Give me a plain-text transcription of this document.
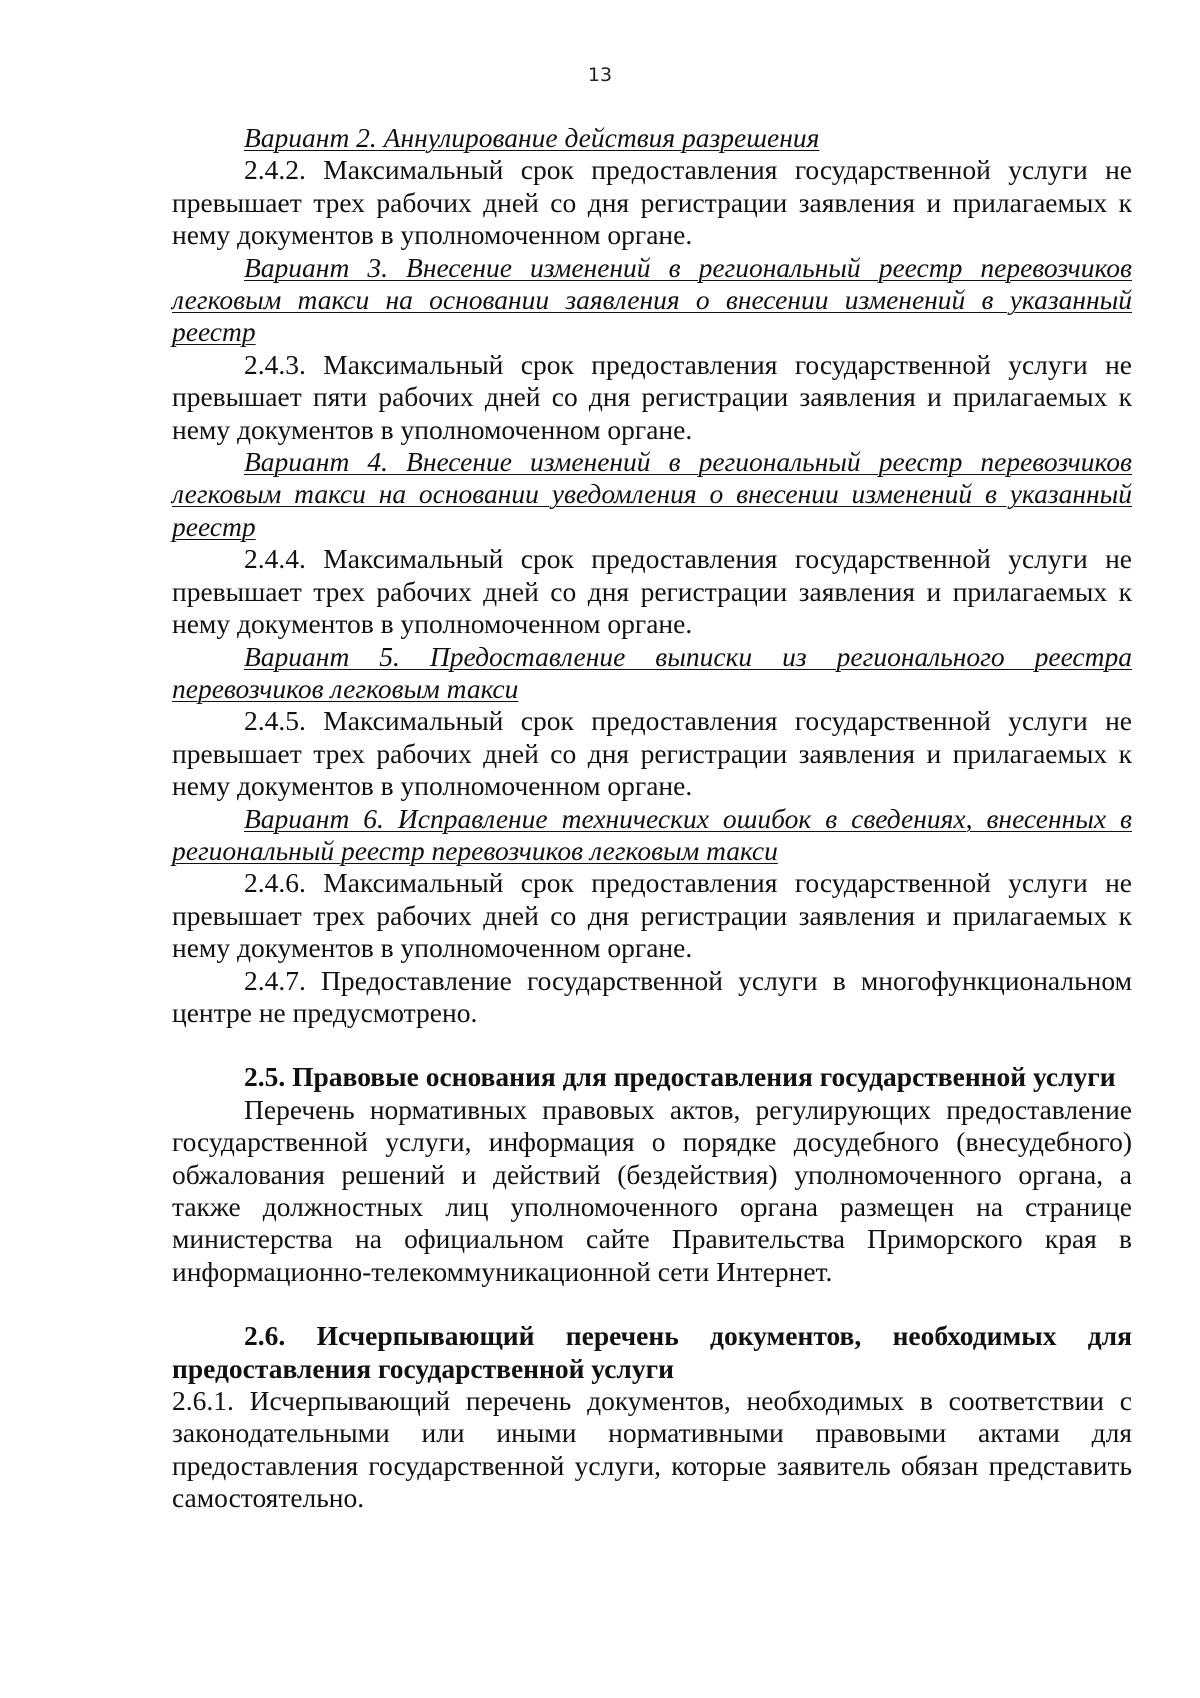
13

Вариант 2. Аннулирование действия разрешения

2.4.2. Максимальный срок предоставления государственной услуги не превышает трех рабочих дней со дня регистрации заявления и прилагаемых к нему документов в уполномоченном органе.

Вариант 3. Внесение изменений в региональный реестр перевозчиков легковым такси на основании заявления о внесении изменений в указанный реестр

2.4.3. Максимальный срок предоставления государственной услуги не превышает пяти рабочих дней со дня регистрации заявления и прилагаемых к нему документов в уполномоченном органе.

Вариант 4. Внесение изменений в региональный реестр перевозчиков легковым такси на основании уведомления о внесении изменений в указанный реестр

2.4.4. Максимальный срок предоставления государственной услуги не превышает трех рабочих дней со дня регистрации заявления и прилагаемых к нему документов в уполномоченном органе.

Вариант 5. Предоставление выписки из регионального реестра перевозчиков легковым такси

2.4.5. Максимальный срок предоставления государственной услуги не превышает трех рабочих дней со дня регистрации заявления и прилагаемых к нему документов в уполномоченном органе.

Вариант 6. Исправление технических ошибок в сведениях, внесенных в региональный реестр перевозчиков легковым такси

2.4.6. Максимальный срок предоставления государственной услуги не превышает трех рабочих дней со дня регистрации заявления и прилагаемых к нему документов в уполномоченном органе.

2.4.7. Предоставление государственной услуги в многофункциональном центре не предусмотрено.

2.5. Правовые основания для предоставления государственной услуги

Перечень нормативных правовых актов, регулирующих предоставление государственной услуги, информация о порядке досудебного (внесудебного) обжалования решений и действий (бездействия) уполномоченного органа, а также должностных лиц уполномоченного органа размещен на странице министерства на официальном сайте Правительства Приморского края в информационно-телекоммуникационной сети Интернет.

2.6. Исчерпывающий перечень документов, необходимых для предоставления государственной услуги

2.6.1. Исчерпывающий перечень документов, необходимых в соответствии с законодательными или иными нормативными правовыми актами для предоставления государственной услуги, которые заявитель обязан представить самостоятельно.
